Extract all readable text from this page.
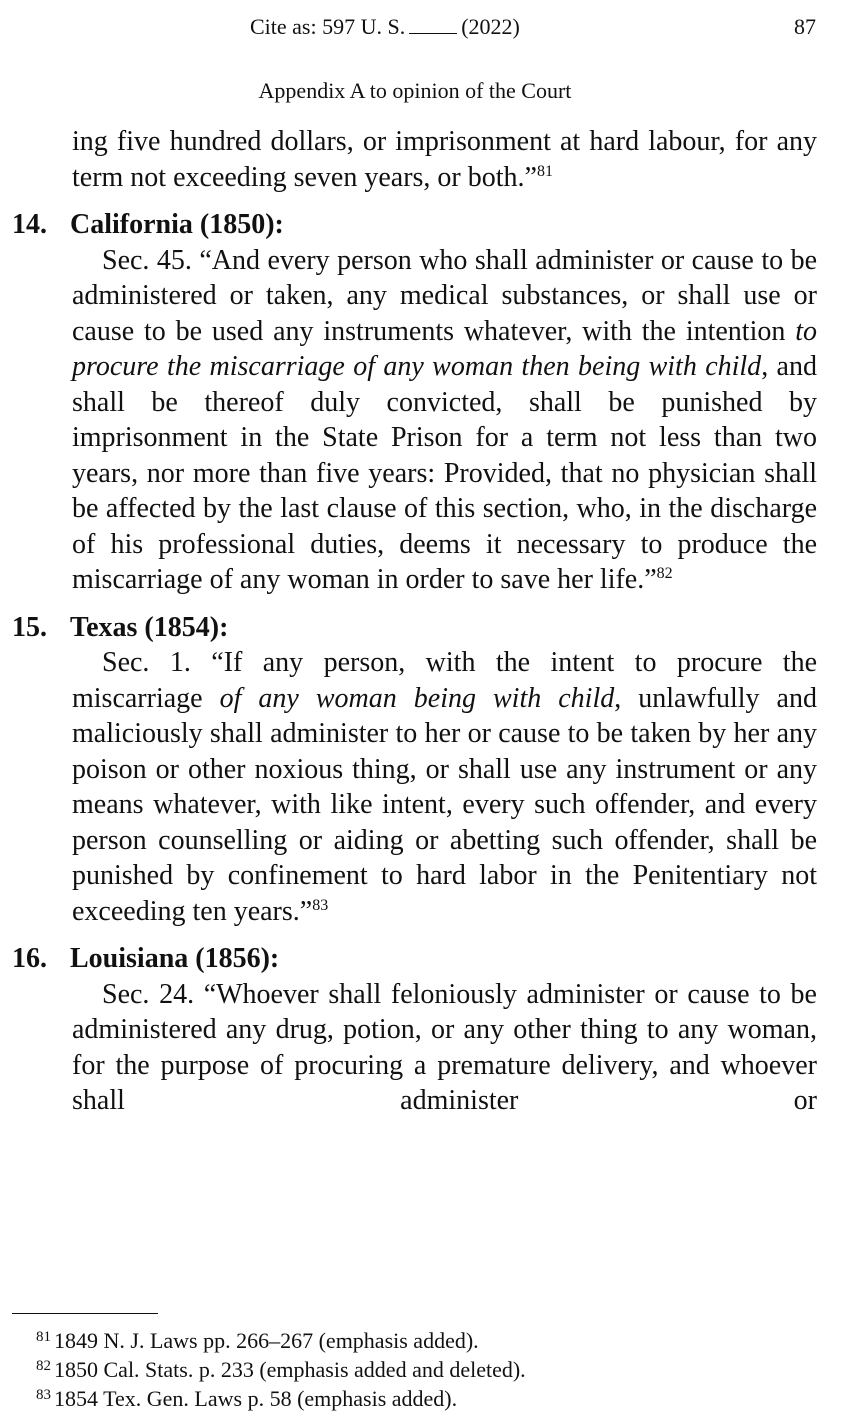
Cite as: 597 U. S.	(2022)	87
Appendix A to opinion of the Court

ing five hundred dollars, or imprisonment at hard labour, for any term not exceeding seven years, or both.”$^{81}$

14. California (1850):

Sec. 45. “And every person who shall administer or cause to be administered or taken, any medical substances, or shall use or cause to be used any instruments whatever, with the intention to procure the miscarriage of any woman then being with child, and shall be thereof duly convicted, shall be punished by imprisonment in the State Prison for a term not less than two years, nor more than five years: Provided, that no physician shall be affected by the last clause of this section, who, in the discharge of his professional duties, deems it necessary to produce the miscarriage of any woman in order to save her life.”$^{82}$

15. Texas (1854):

Sec. 1. “If any person, with the intent to procure the miscarriage of any woman being with child, unlawfully and maliciously shall administer to her or cause to be taken by her any poison or other noxious thing, or shall use any instrument or any means whatever, with like intent, every such offender, and every person counselling or aiding or abetting such offender, shall be punished by confinement to hard labor in the Penitentiary not exceeding ten years.”$^{83}$

16. Louisiana (1856):

Sec. 24. “Whoever shall feloniously administer or cause to be administered any drug, potion, or any other thing to any woman, for the purpose of procuring a premature delivery, and whoever shall administer or

$^{81}$ 1849 N. J. Laws pp. 266–267 (emphasis added).
$^{82}$ 1850 Cal. Stats. p. 233 (emphasis added and deleted).
$^{83}$ 1854 Tex. Gen. Laws p. 58 (emphasis added).
